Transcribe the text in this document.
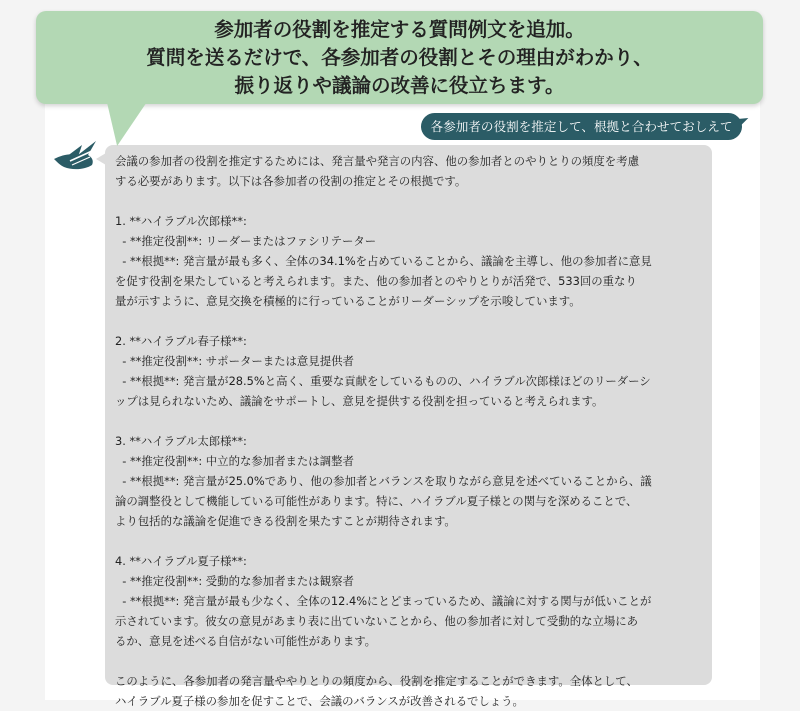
参加者の役割を推定する質問例文を追加。
質問を送るだけで、各参加者の役割とその理由がわかり、
振り返りや議論の改善に役立ちます。
各参加者の役割を推定して、根拠と合わせておしえて
会議の参加者の役割を推定するためには、発言量や発言の内容、他の参加者とのやりとりの頻度を考慮
する必要があります。以下は各参加者の役割の推定とその根拠です。

1. **ハイラブル次郎様**:
- **推定役割**: リーダーまたはファシリテーター
- **根拠**: 発言量が最も多く、全体の34.1%を占めていることから、議論を主導し、他の参加者に意見
を促す役割を果たしていると考えられます。また、他の参加者とのやりとりが活発で、533回の重なり
量が示すように、意見交換を積極的に行っていることがリーダーシップを示唆しています。

2. **ハイラブル春子様**:
- **推定役割**: サポーターまたは意見提供者
- **根拠**: 発言量が28.5%と高く、重要な貢献をしているものの、ハイラブル次郎様ほどのリーダーシ
ップは見られないため、議論をサポートし、意見を提供する役割を担っていると考えられます。

3. **ハイラブル太郎様**:
- **推定役割**: 中立的な参加者または調整者
- **根拠**: 発言量が25.0%であり、他の参加者とバランスを取りながら意見を述べていることから、議
論の調整役として機能している可能性があります。特に、ハイラブル夏子様との関与を深めることで、
より包括的な議論を促進できる役割を果たすことが期待されます。

4. **ハイラブル夏子様**:
- **推定役割**: 受動的な参加者または観察者
- **根拠**: 発言量が最も少なく、全体の12.4%にとどまっているため、議論に対する関与が低いことが
示されています。彼女の意見があまり表に出ていないことから、他の参加者に対して受動的な立場にあ
るか、意見を述べる自信がない可能性があります。

このように、各参加者の発言量ややりとりの頻度から、役割を推定することができます。全体として、
ハイラブル夏子様の参加を促すことで、会議のバランスが改善されるでしょう。
